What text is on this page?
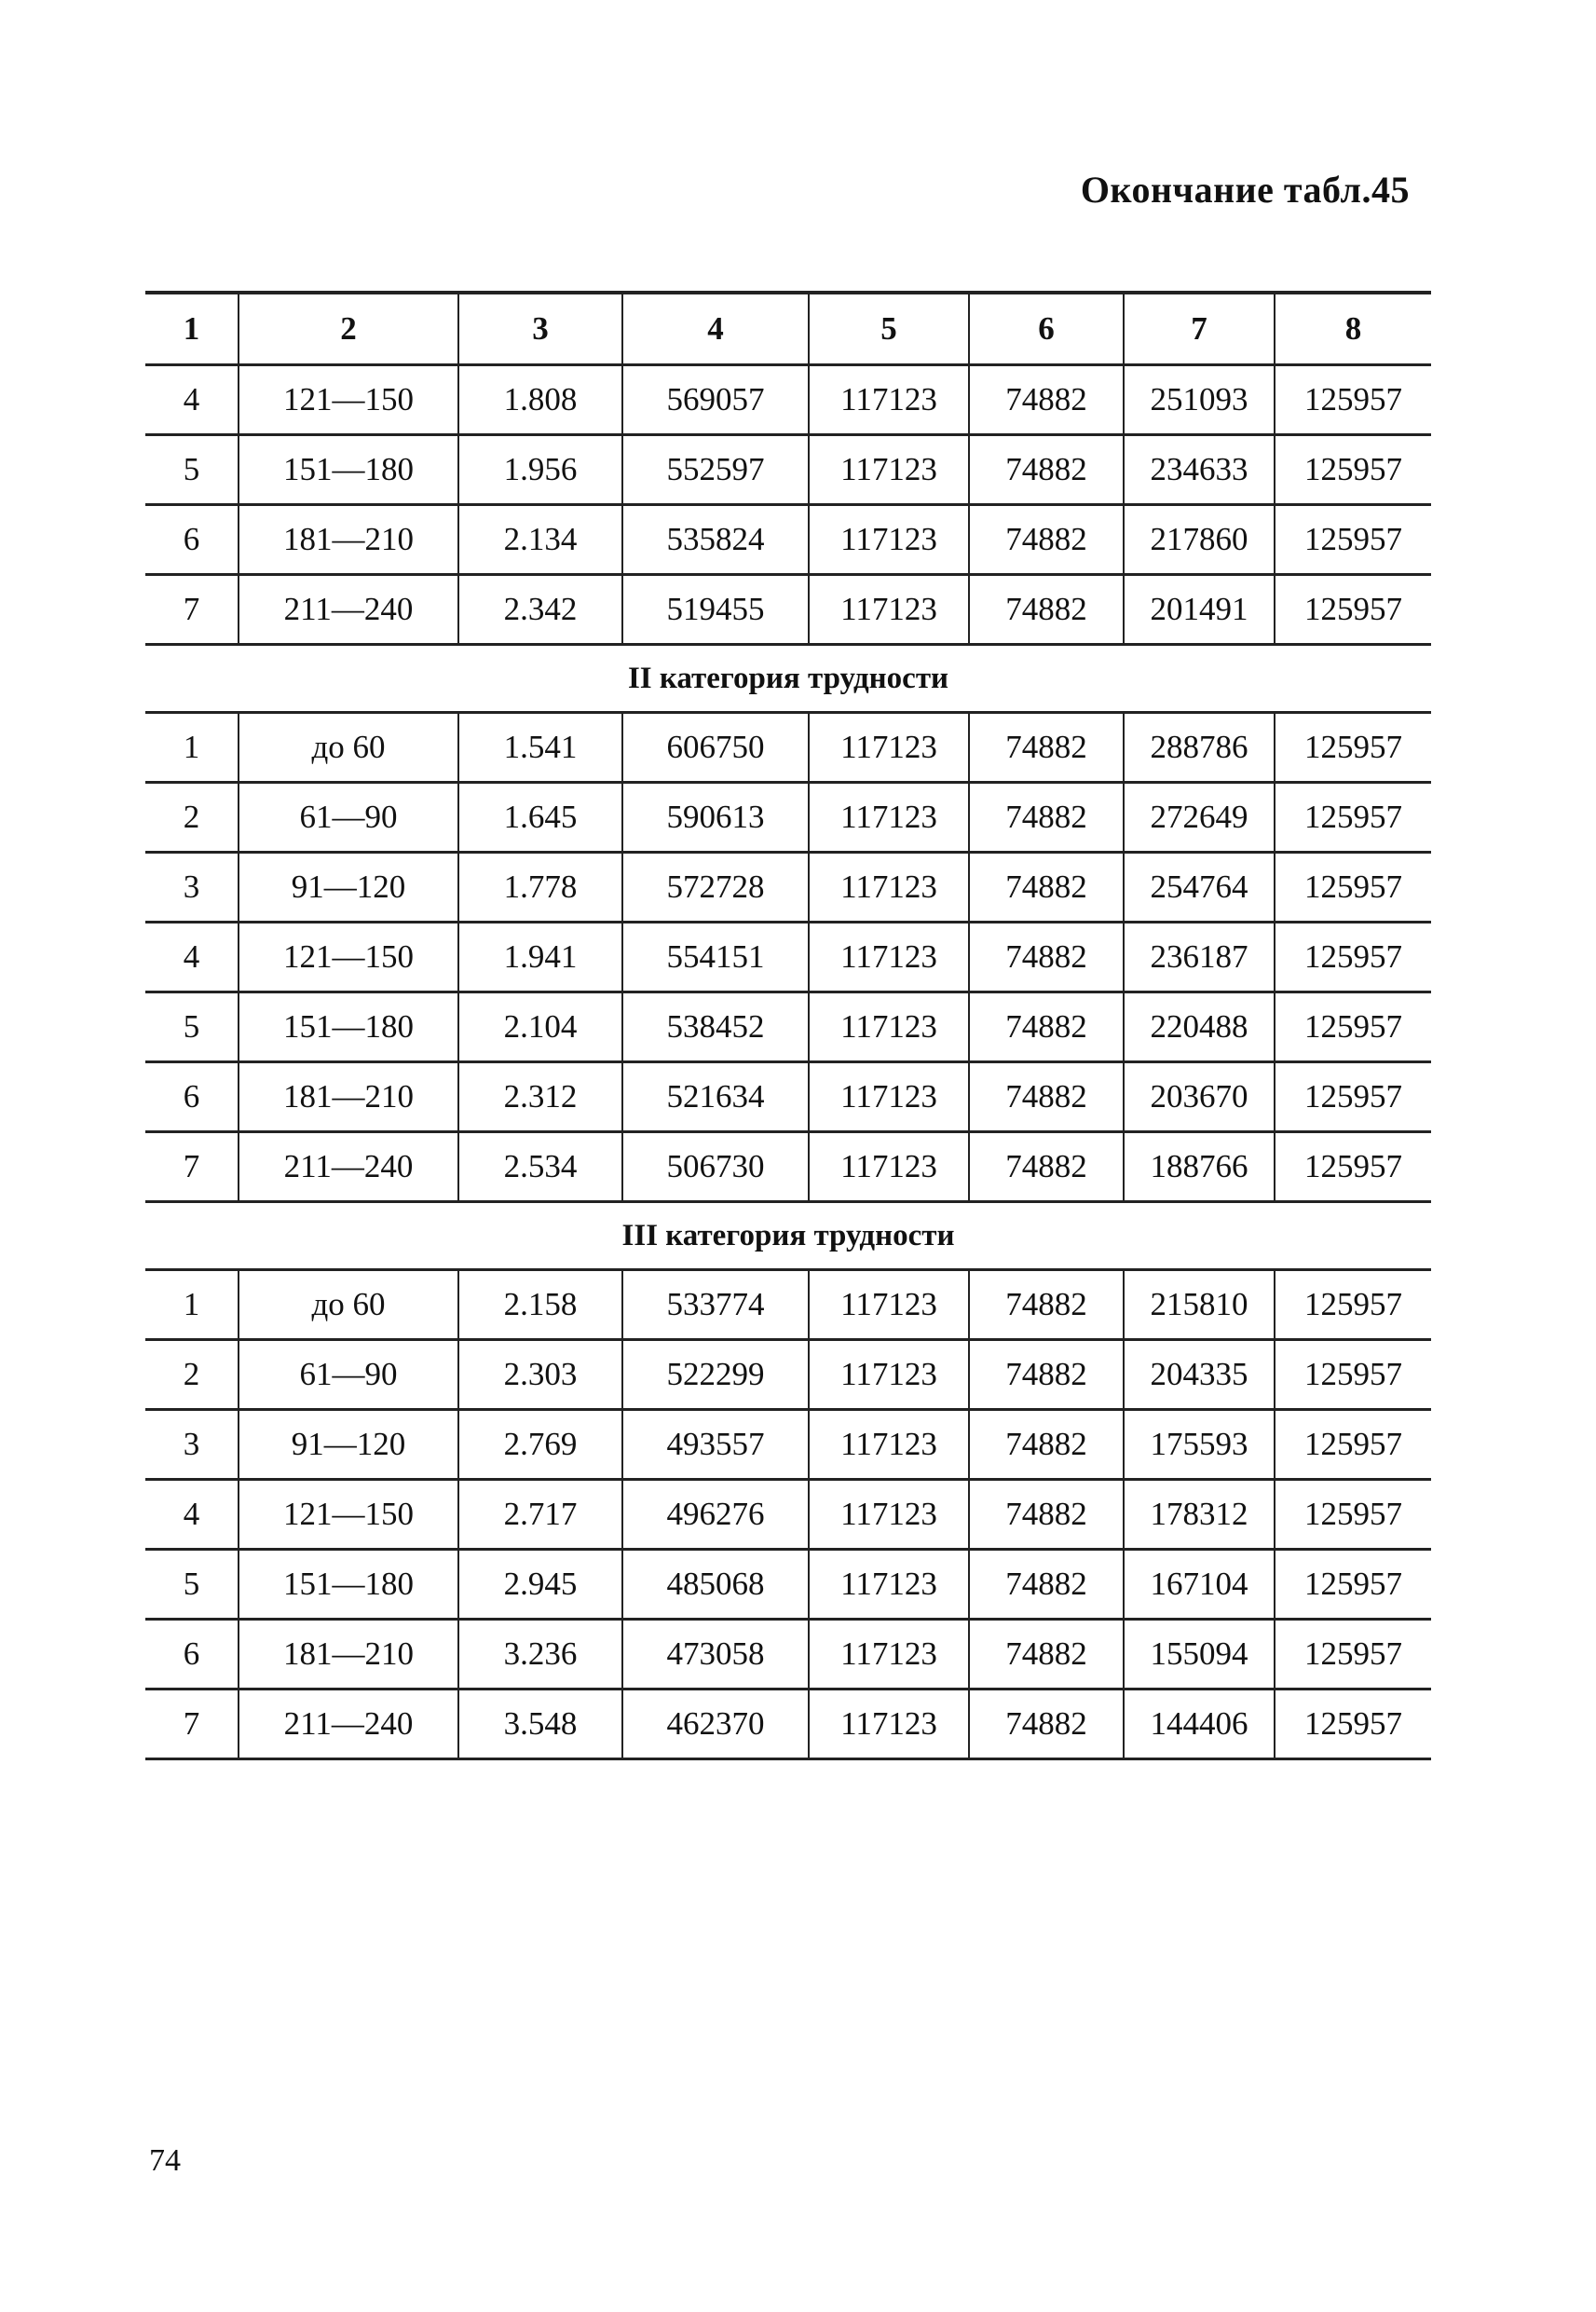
Окончание табл.45
1	2	3	4	5	6	7	8
4	121—150	1.808	569057	117123	74882	251093	125957
5	151—180	1.956	552597	117123	74882	234633	125957
6	181—210	2.134	535824	117123	74882	217860	125957
7	211—240	2.342	519455	117123	74882	201491	125957
II категория трудности							
1	до 60	1.541	606750	117123	74882	288786	125957
2	61—90	1.645	590613	117123	74882	272649	125957
3	91—120	1.778	572728	117123	74882	254764	125957
4	121—150	1.941	554151	117123	74882	236187	125957
5	151—180	2.104	538452	117123	74882	220488	125957
6	181—210	2.312	521634	117123	74882	203670	125957
7	211—240	2.534	506730	117123	74882	188766	125957
III категория трудности							
1	до 60	2.158	533774	117123	74882	215810	125957
2	61—90	2.303	522299	117123	74882	204335	125957
3	91—120	2.769	493557	117123	74882	175593	125957
4	121—150	2.717	496276	117123	74882	178312	125957
5	151—180	2.945	485068	117123	74882	167104	125957
6	181—210	3.236	473058	117123	74882	155094	125957
7	211—240	3.548	462370	117123	74882	144406	125957
74
